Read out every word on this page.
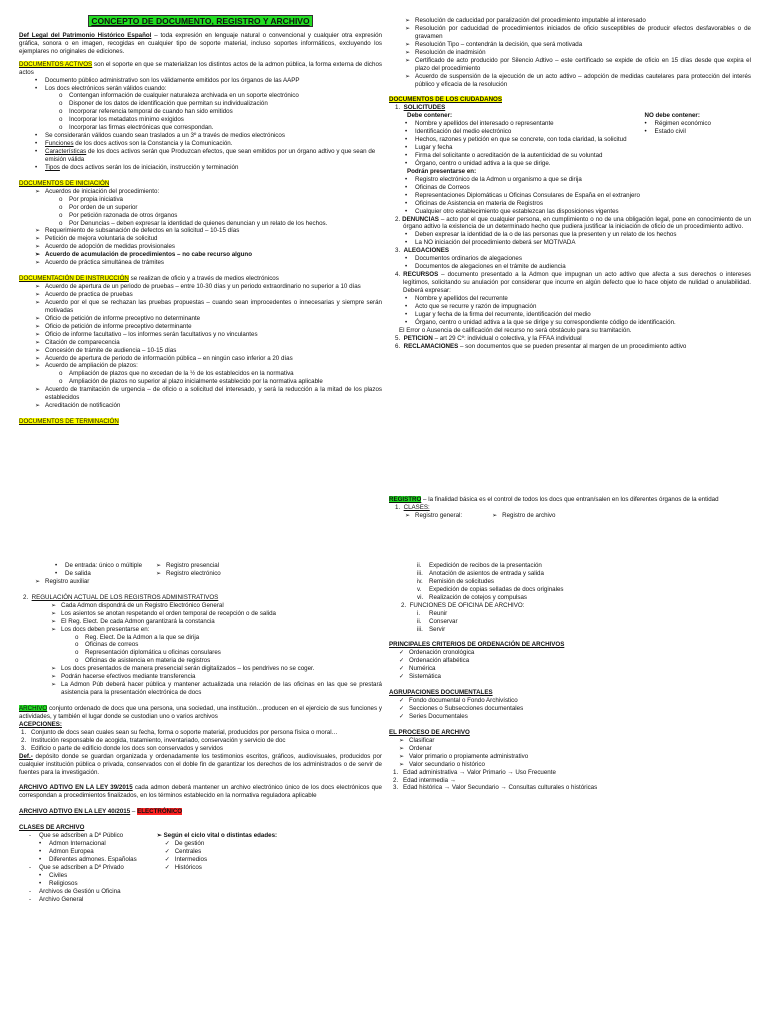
CONCEPTO DE DOCUMENTO, REGISTRO Y ARCHIVO

Def Legal del Patrimonio Histórico Español – toda expresión en lenguaje natural o convencional y cualquier otra expresión gráfica, sonora o en imagen, recogidas en cualquier tipo de soporte material, incluso soportes informáticos, excluyendo los ejemplares no originales de ediciones.

DOCUMENTOS ACTIVOS son el soporte en que se materializan los distintos actos de la admon pública, la forma externa de dichos actos

• Documento público administrativo son los válidamente emitidos por los órganos de las AAPP
• Los docs electrónicos serán válidos cuando:
o Contengan información de cualquier naturaleza archivada en un soporte electrónico
o Disponer de los datos de identificación que permitan su individualización
o Incorporar referencia temporal de cuando han sido emitidos
o Incorporar los metadatos mínimo exigidos
o Incorporar las firmas electrónicas que correspondan.
• Se considerarán válidos cuando sean traslados a un 3º a través de medios electrónicos
• Funciones de los docs activos son la Constancia y la Comunicación.
• Características de los docs activos serán que Produzcan efectos, que sean emitidos por un órgano adtivo y que sean de emisión válida
• Tipos de docs activos serán los de iniciación, instrucción y terminación

DOCUMENTOS DE INICIACIÓN

➢ Acuerdos de iniciación del procedimiento:
o Por propia iniciativa
o Por orden de un superior
o Por petición razonada de otros órganos
o Por Denuncias – deben expresar la identidad de quienes denuncian y un relato de los hechos.
➢ Requerimiento de subsanación de defectos en la solicitud – 10-15 días
➢ Petición de mejora voluntaria de solicitud
➢ Acuerdo de adopción de medidas provisionales
➢ Acuerdo de acumulación de procedimientos – no cabe recurso alguno
➢ Acuerdo de práctica simultánea de trámites

DOCUMENTACIÓN DE INSTRUCCIÓN se realizan de oficio y a través de medios electrónicos

➢ Acuerdo de apertura de un periodo de pruebas – entre 10-30 días y un periodo extraordinario no superior a 10 días
➢ Acuerdo de practica de pruebas
➢ Acuerdo por el que se rechazan las pruebas propuestas – cuando sean improcedentes o innecesarias y siempre serán motivadas
➢ Oficio de petición de informe preceptivo no determinante
➢ Oficio de petición de informe preceptivo determinante
➢ Oficio de informe facultativo – los informes serán facultativos y no vinculantes
➢ Citación de comparecencia
➢ Concesión de trámite de audiencia – 10-15 días
➢ Acuerdo de apertura de periodo de información pública – en ningún caso inferior a 20 días
➢ Acuerdo de ampliación de plazos:
o Ampliación de plazos que no excedan de la ½ de los establecidos en la normativa
o Ampliación de plazos no superior al plazo inicialmente establecido por la normativa aplicable
➢ Acuerdo de tramitación de urgencia – de oficio o a solicitud del interesado, y será la reducción a la mitad de los plazos establecidos
➢ Acreditación de notificación

DOCUMENTOS DE TERMINACIÓN

• De entrada: único o múltiple
• De salida
➢ Registro presencial
➢ Registro electrónico
➢ Registro auxiliar

2.  REGULACIÓN ACTUAL DE LOS REGISTROS ADMINISTRATIVOS

➢ Cada Admon dispondrá de un Registro Electrónico General
➢ Los asientos se anotan respetando el orden temporal de recepción o de salida
➢ El Reg. Elect. De cada Admon garantizará la constancia
➢ Los docs deben presentarse en:
o Reg. Elect. De la Admon a la que se dirija
o Oficinas de correos
o Representación diplomática u oficinas consulares
o Oficinas de asistencia en materia de registros
➢ Los docs presentados de manera presencial serán digitalizados – los pendrives no se coger.
➢ Podrán hacerse efectivos mediante transferencia
➢ La Admon Púb deberá hacer pública y mantener actualizada una relación de las oficinas en las que se prestará asistencia para la presentación electrónica de docs

ARCHIVO conjunto ordenado de docs que una persona, una sociedad, una institución…producen en el ejercicio de sus funciones y actividades, y también el lugar donde se custodian uno o varios archivos

ACEPCIONES:

1. Conjunto de docs sean cuales sean su fecha, forma o soporte material, producidos por persona física o moral…
2. Institución responsable de acogida, tratamiento, inventariado, conservación y servicio de doc
3. Edificio o parte de edificio donde los docs son conservados y servidos

Def.- depósito donde se guardan organizada y ordenadamente los testimonios escritos, gráficos, audiovisuales, producidos por cualquier institución pública o privada, conservados con el doble fin de garantizar los derechos de los administrados o de servir de fuentes para la investigación.

ARCHIVO ADTIVO EN LA LEY 39/2015 cada admon deberá mantener un archivo electrónico único de los docs electrónicos que correspondan a procedimientos finalizados, en los términos establecido en la normativa reguladora aplicable

ARCHIVO ADTIVO EN LA LEY 40/2015 – ELECTRÓNICO

CLASES DE ARCHIVO

- Que se adscriben a Dº Público
• Admon Internacional
• Admon Europea
• Diferentes admones. Españolas
- Que se adscriben a Dº Privado
• Civiles
• Religiosos
- Archivos de Gestión u Oficina
- Archivo General

➢ Según el ciclo vital o distintas edades:

✓ De gestión
✓ Centrales
✓ Intermedios
✓ Históricos
➢ Resolución de caducidad por paralización del procedimiento imputable al interesado
➢ Resolución por caducidad de procedimientos iniciados de oficio susceptibles de producir efectos desfavorables o de gravamen
➢ Resolución Tipo – contendrán la decisión, que será motivada
➢ Resolución de inadmisión
➢ Certificado de acto producido por Silencio Adtivo – este certificado se expide de oficio en 15 días desde que expira el plazo del procedimiento
➢ Acuerdo de suspensión de la ejecución de un acto adtivo – adopción de medidas cautelares para protección del interés público y eficacia de la resolución

DOCUMENTOS DE LOS CIUDADANOS

1.  SOLICITUDES

Debe contener:

• Nombre y apellidos del interesado o representante
• Identificación del medio electrónico
• Hechos, razones y petición en que se concrete, con toda claridad, la solicitud
• Lugar y fecha
• Firma del solicitante o acreditación de la autenticidad de su voluntad
• Órgano, centro o unidad adtiva a la que se dirige.

NO debe contener:

• Régimen económico
• Estado civil

Podrán presentarse en:

• Registro electrónico de la Admon u organismo a que se dirija
• Oficinas de Correos
• Representaciones Diplomáticas u Oficinas Consulares de España en el extranjero
• Oficinas de Asistencia en materia de Registros
• Cualquier otro establecimiento que establezcan las disposiciones vigentes

2. DENUNCIAS – acto por el que cualquier persona, en cumplimiento o no de una obligación legal, pone en conocimiento de un órgano adtivo la existencia de un determinado hecho que pudiera justificar la iniciación de oficio de un procedimiento adtivo.

• Deben expresar la identidad de la o de las personas que la presenten y un relato de los hechos
• La NO iniciación del procedimiento deberá ser MOTIVADA

3.  ALEGACIONES

• Documentos ordinarios de alegaciones
• Documentos de alegaciones en el trámite de audiencia

4. RECURSOS – documento presentado a la Admon que impugnan un acto adtivo que afecta a sus derechos o intereses legítimos, solicitando su anulación por considerar que incurre en algún defecto que lo hace objeto de nulidad o anulabilidad. Deberá expresar:

• Nombre y apellidos del recurrente
• Acto que se recurre y razón de impugnación
• Lugar y fecha de la firma del recurrente, identificación del medio
• Órgano, centro o unidad adtiva a la que se dirige y su correspondiente código de identificación.

El Error o Ausencia de calificación del recurso no será obstáculo para su tramitación.

5.  PETICION – art 29 Cº: individual o colectiva, y la FFAA individual

6.  RECLAMACIONES – son documentos que se pueden presentar al margen de un procedimiento adtivo

REGISTRO – la finalidad básica es el control de todos los docs que entran/salen en los diferentes órganos de la entidad

1.  CLASES:

➢ Registro general:	➢ Registro de archivo
ii. Expedición de recibos de la presentación
iii. Anotación de asientos de entrada y salida
iv. Remisión de solicitudes
v. Expedición de copias selladas de docs originales
vi. Realización de cotejos y compulsas

2.  FUNCIONES DE OFICINA DE ARCHIVO:

i. Reunir
ii. Conservar
iii. Servir

PRINCIPALES CRITERIOS DE ORDENACIÓN DE ARCHIVOS

✓ Ordenación cronológica
✓ Ordenación alfabética
✓ Numérica
✓ Sistemática

AGRUPACIONES DOCUMENTALES

✓ Fondo documental o Fondo Archivístico
✓ Secciones o Subsecciones documentales
✓ Series Documentales

EL PROCESO DE ARCHIVO

➢ Clasificar
➢ Ordenar
➢ Valor primario o propiamente administrativo
➢ Valor secundario o histórico
1. Edad administrativa → Valor Primario → Uso Frecuente
2. Edad intermedia →
3. Edad histórica → Valor Secundario → Consultas culturales o históricas
